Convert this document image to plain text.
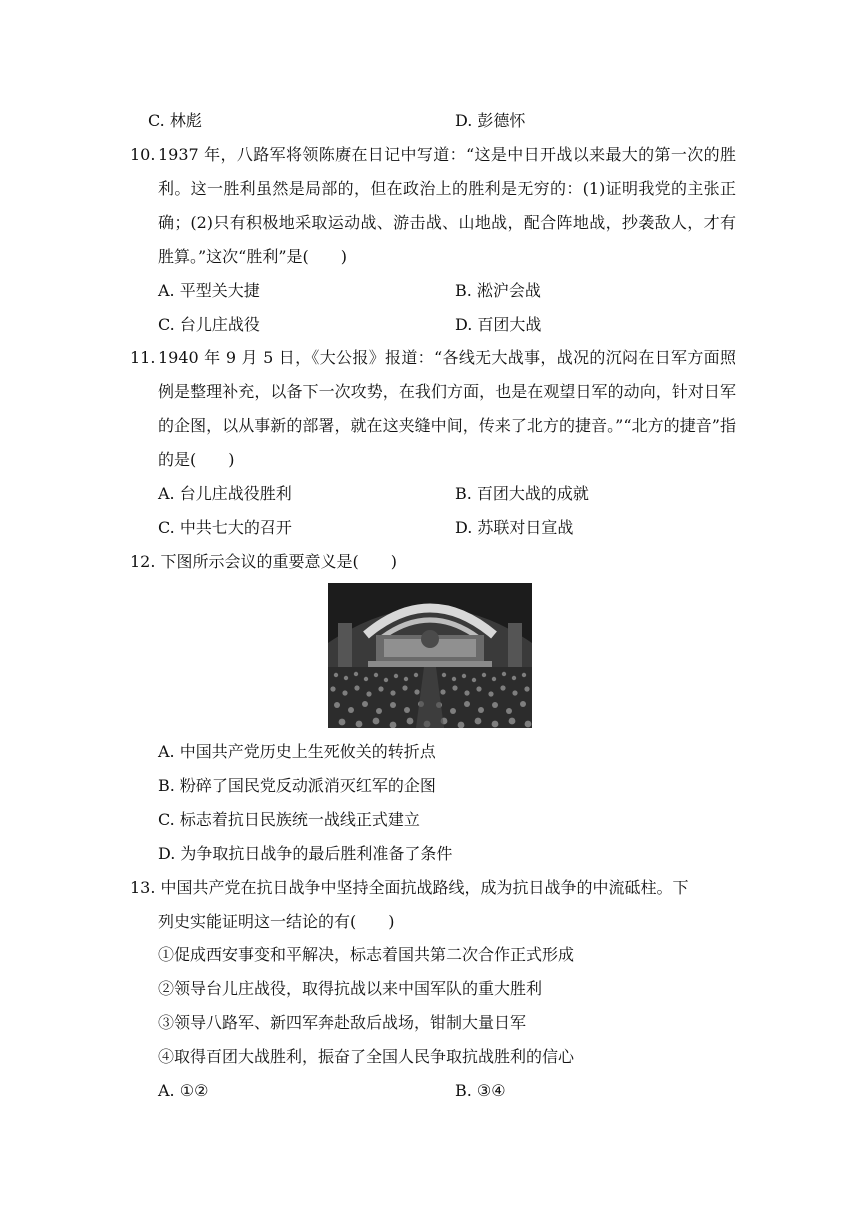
C. 林彪	D. 彭德怀
10. 1937 年，八路军将领陈赓在日记中写道：“这是中日开战以来最大的第一次的胜利。这一胜利虽然是局部的，但在政治上的胜利是无穷的：(1)证明我党的主张正确；(2)只有积极地采取运动战、游击战、山地战，配合阵地战，抄袭敌人，才有胜算。”这次“胜利”是(　　)
A. 平型关大捷	B. 淞沪会战
C. 台儿庄战役	D. 百团大战
11. 1940 年 9 月 5 日，《大公报》报道：“各线无大战事，战况的沉闷在日军方面照例是整理补充，以备下一次攻势，在我们方面，也是在观望日军的动向，针对日军的企图，以从事新的部署，就在这夹缝中间，传来了北方的捷音。”“北方的捷音”指的是(　　)
A. 台儿庄战役胜利	B. 百团大战的成就
C. 中共七大的召开	D. 苏联对日宣战
12. 下图所示会议的重要意义是(　　)
A. 中国共产党历史上生死攸关的转折点
B. 粉碎了国民党反动派消灭红军的企图
C. 标志着抗日民族统一战线正式建立
D. 为争取抗日战争的最后胜利准备了条件
13. 中国共产党在抗日战争中坚持全面抗战路线，成为抗日战争的中流砥柱。下
列史实能证明这一结论的有(　　)
①促成西安事变和平解决，标志着国共第二次合作正式形成
②领导台儿庄战役，取得抗战以来中国军队的重大胜利
③领导八路军、新四军奔赴敌后战场，钳制大量日军
④取得百团大战胜利，振奋了全国人民争取抗战胜利的信心
A. ①②	B. ③④
